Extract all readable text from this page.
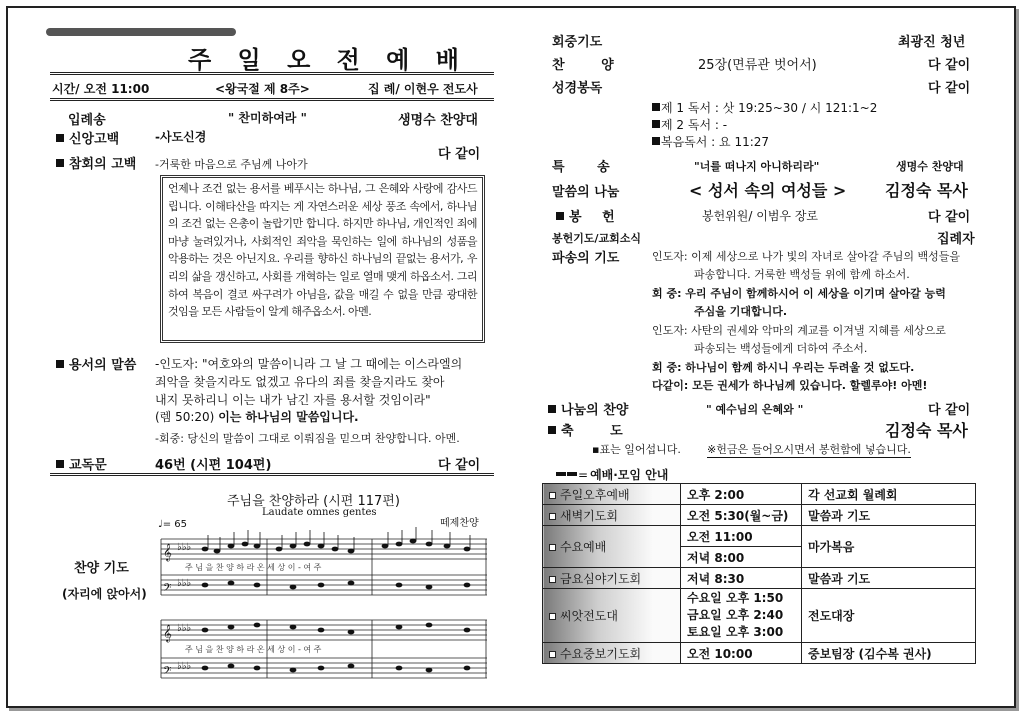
주 일 오 전 예 배
시간/ 오전 11:00	<왕국절 제 8주>	집 례/ 이현우 전도사
입례송	" 찬미하여라 "	생명수 찬양대
신앙고백	-사도신경
참회의 고백 -거룩한 마음으로 주님께 나아가
다 같이
언제나 조건 없는 용서를 베푸시는 하나님, 그 은혜와 사랑에 감사드립니다. 이해타산을 따지는 게 자연스러운 세상 풍조 속에서, 하나님의 조건 없는 은총이 놀랍기만 합니다. 하지만 하나님, 개인적인 죄에 마냥 눌려있거나, 사회적인 죄악을 묵인하는 일에 하나님의 성품을 악용하는 것은 아닌지요. 우리를 향하신 하나님의 끝없는 용서가, 우리의 삶을 갱신하고, 사회를 개혁하는 일로 열매 맺게 하옵소서. 그리하여 복음이 결코 싸구려가 아님을, 값을 매길 수 없을 만큼 광대한 것임을 모든 사람들이 알게 해주옵소서. 아멘.
용서의 말씀 -인도자: "여호와의 말씀이니라 그 날 그 때에는 이스라엘의
죄악을 찾을지라도 없겠고 유다의 죄를 찾을지라도 찾아
내지 못하리니 이는 내가 남긴 자를 용서할 것임이라"
(렘 50:20) 이는 하나님의 말씀입니다.
-회중: 당신의 말씀이 그대로 이뤄짐을 믿으며 찬양합니다. 아멘.
교독문	46번 (시편 104편)	다 같이
주님을 찬양하라 (시편 117편)
Laudate omnes gentes
떼제찬양
♩= 65
찬양 기도
(자리에 앉아서)
𝄞
𝄞
𝄢
𝄢
♭♭♭
♭♭♭
♭♭♭
♭♭♭
주 님 을 찬 양 하 라 온 세 상 이 - 여 주
주 님 을 찬 양 하 라 온 세 상 이 - 여 주
회중기도	최광진 청년
찬 양	25장(면류관 벗어서)	다 같이
성경봉독	다 같이
제 1 독서 : 삿 19:25~30 / 시 121:1~2
제 2 독서 : -
복음독서 : 요 11:27
특 송	"너를 떠나지 아니하리라"	생명수 찬양대
말씀의 나눔	< 성서 속의 여성들 > 김정숙 목사
봉 헌	봉헌위원/ 이범우 장로	다 같이
봉헌기도/교회소식	집례자
파송의 기도	인도자: 이제 세상으로 나가 빛의 자녀로 살아갈 주님의 백성들을
파송합니다. 거룩한 백성들 위에 함께 하소서.
회 중: 우리 주님이 함께하시어 이 세상을 이기며 살아갈 능력
주심을 기대합니다.
인도자: 사탄의 권세와 악마의 계교를 이겨낼 지혜를 세상으로
파송되는 백성들에게 더하여 주소서.
회 중: 하나님이 함께 하시니 우리는 두려울 것 없도다.
다같이: 모든 권세가 하나님께 있습니다. 할렐루야! 아멘!
나눔의 찬양	" 예수님의 은혜와 "	다 같이
축 도	김정숙 목사
▪표는 일어섭니다. ※헌금은 들어오시면서 봉헌함에 넣습니다.
= 예배·모임 안내
주일오후예배	오후 2:00	각 선교회 월례회
새벽기도회	오전 5:30(월~금)	말씀과 기도
수요예배	오전 11:00	마가복음
	저녁 8:00	
금요심야기도회	저녁 8:30	말씀과 기도
씨앗전도대	수요일 오후 1:50
금요일 오후 2:40
토요일 오후 3:00	전도대장
수요중보기도회	오전 10:00	중보팀장 (김수복 권사)
